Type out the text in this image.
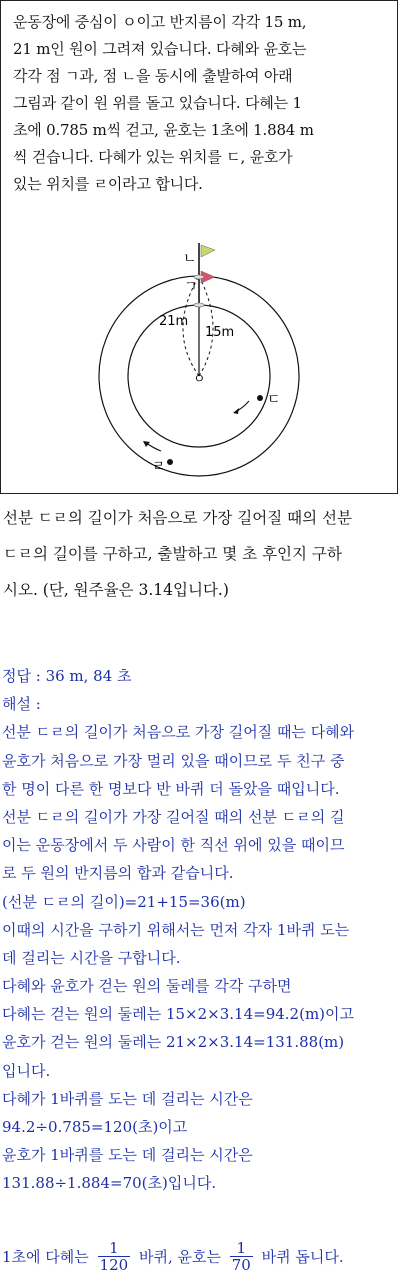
운동장에 중심이 ㅇ이고 반지름이 각각 15 m,
21 m인 원이 그려져 있습니다. 다혜와 윤호는
각각 점 ㄱ과, 점 ㄴ을 동시에 출발하여 아래
그림과 같이 원 위를 돌고 있습니다. 다혜는 1
초에 0.785 m씩 걷고, 윤호는 1초에 1.884 m
씩 걷습니다. 다혜가 있는 위치를 ㄷ, 윤호가
있는 위치를 ㄹ이라고 합니다.
ㄴ
ㄱ
21m
15m
ㅇ
ㄷ
ㄹ
선분 ㄷㄹ의 길이가 처음으로 가장 길어질 때의 선분
ㄷㄹ의 길이를 구하고, 출발하고 몇 초 후인지 구하
시오. (단, 원주율은 3.14입니다.)
정답 : 36 m, 84 초
해설 :
선분 ㄷㄹ의 길이가 처음으로 가장 길어질 때는 다혜와
윤호가 처음으로 가장 멀리 있을 때이므로 두 친구 중
한 명이 다른 한 명보다 반 바퀴 더 돌았을 때입니다.
선분 ㄷㄹ의 길이가 가장 길어질 때의 선분 ㄷㄹ의 길
이는 운동장에서 두 사람이 한 직선 위에 있을 때이므
로 두 원의 반지름의 합과 같습니다.
(선분 ㄷㄹ의 길이)=21+15=36(m)
이때의 시간을 구하기 위해서는 먼저 각자 1바퀴 도는
데 걸리는 시간을 구합니다.
다혜와 윤호가 걷는 원의 둘레를 각각 구하면
다혜는 걷는 원의 둘레는 15×2×3.14=94.2(m)이고
윤호가 걷는 원의 둘레는 21×2×3.14=131.88(m)
입니다.
다혜가 1바퀴를 도는 데 걸리는 시간은
94.2÷0.785=120(초)이고
윤호가 1바퀴를 도는 데 걸리는 시간은
131.88÷1.884=70(초)입니다.
1초에 다혜는 $\frac{1}{120}$ 바퀴, 윤호는 $\frac{1}{70}$ 바퀴 돕니다.
